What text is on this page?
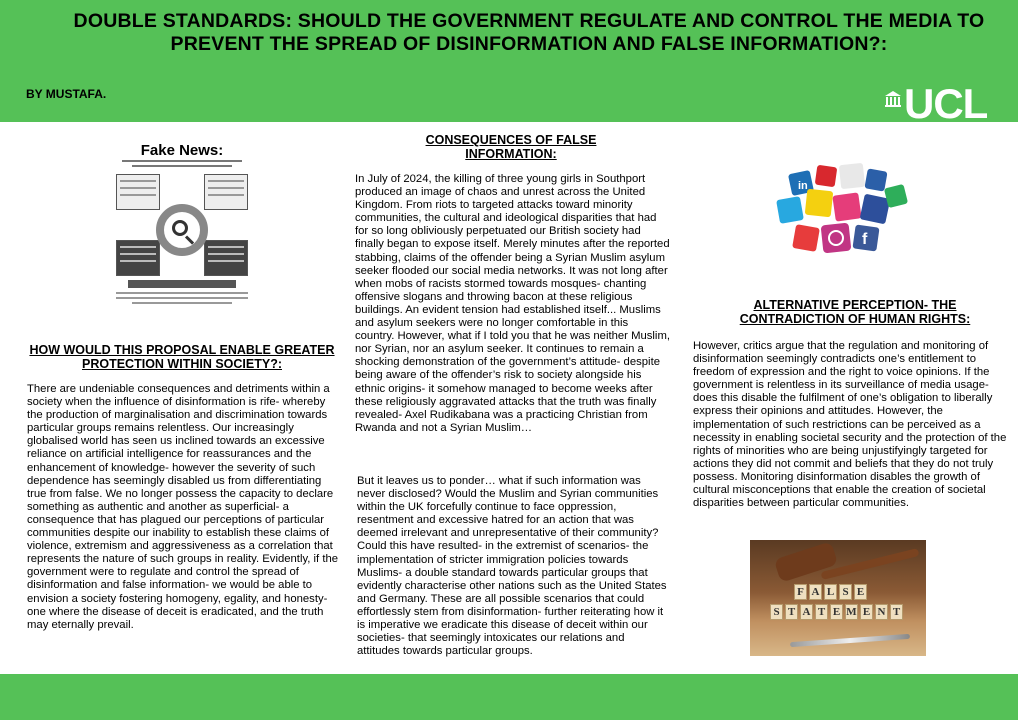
DOUBLE STANDARDS: SHOULD THE GOVERNMENT REGULATE AND CONTROL THE MEDIA TO PREVENT THE SPREAD OF DISINFORMATION AND FALSE INFORMATION?:
BY MUSTAFA.	UCL
Fake News:
HOW WOULD THIS PROPOSAL ENABLE GREATER PROTECTION WITHIN SOCIETY?:
There are undeniable consequences and detriments within a society when the influence of disinformation is rife- whereby the production of marginalisation and discrimination towards particular groups remains relentless. Our increasingly globalised world has seen us inclined towards an excessive reliance on artificial intelligence for reassurances and the enhancement of knowledge- however the severity of such dependence has seemingly disabled us from differentiating true from false. We no longer possess the capacity to declare something as authentic and another as superficial- a consequence that has plagued our perceptions of particular communities despite our inability to establish these claims of violence, extremism and aggressiveness as a correlation that represents the nature of such groups in reality. Evidently, if the government were to regulate and control the spread of disinformation and false information- we would be able to envision a society fostering homogeny, egality, and honesty- one where the disease of deceit is eradicated, and the truth may eternally prevail.
CONSEQUENCES OF FALSE INFORMATION:
In July of 2024, the killing of three young girls in Southport produced an image of chaos and unrest across the United Kingdom. From riots to targeted attacks toward minority communities, the cultural and ideological disparities that had for so long obliviously perpetuated our British society had finally began to expose itself. Merely minutes after the reported stabbing, claims of the offender being a Syrian Muslim asylum seeker flooded our social media networks. It was not long after when mobs of racists stormed towards mosques- chanting offensive slogans and throwing bacon at these religious buildings. An evident tension had established itself... Muslims and asylum seekers were no longer comfortable in this country. However, what if I told you that he was neither Muslim, nor Syrian, nor an asylum seeker. It continues to remain a shocking demonstration of the government’s attitude- despite being aware of the offender’s risk to society alongside his ethnic origins- it somehow managed to become weeks after these religiously aggravated attacks that the truth was finally revealed- Axel Rudikabana was a practicing Christian from Rwanda and not a Syrian Muslim…
But it leaves us to ponder… what if such information was never disclosed? Would the Muslim and Syrian communities within the UK forcefully continue to face oppression, resentment and excessive hatred for an action that was deemed irrelevant and unrepresentative of their community? Could this have resulted- in the extremist of scenarios- the implementation of stricter immigration policies towards Muslims- a double standard towards particular groups that evidently characterise other nations such as the United States and Germany. These are all possible scenarios that could effortlessly stem from disinformation- further reiterating how it is imperative we eradicate this disease of deceit within our societies- that seemingly intoxicates our relations and attitudes towards particular groups.
f
in
ALTERNATIVE PERCEPTION- THE CONTRADICTION OF HUMAN RIGHTS:
However, critics argue that the regulation and monitoring of disinformation seemingly contradicts one’s entitlement to freedom of expression and the right to voice opinions. If the government is relentless in its surveillance of media usage- does this disable the fulfilment of one’s obligation to liberally express their opinions and attitudes. However, the implementation of such restrictions can be perceived as a necessity in enabling societal security and the protection of the rights of minorities who are being unjustifyingly targeted for actions they did not commit and beliefs that they do not truly possess. Monitoring disinformation disables the growth of cultural misconceptions that enable the creation of societal disparities between particular communities.
F A L S E
S T A T E M E N T
